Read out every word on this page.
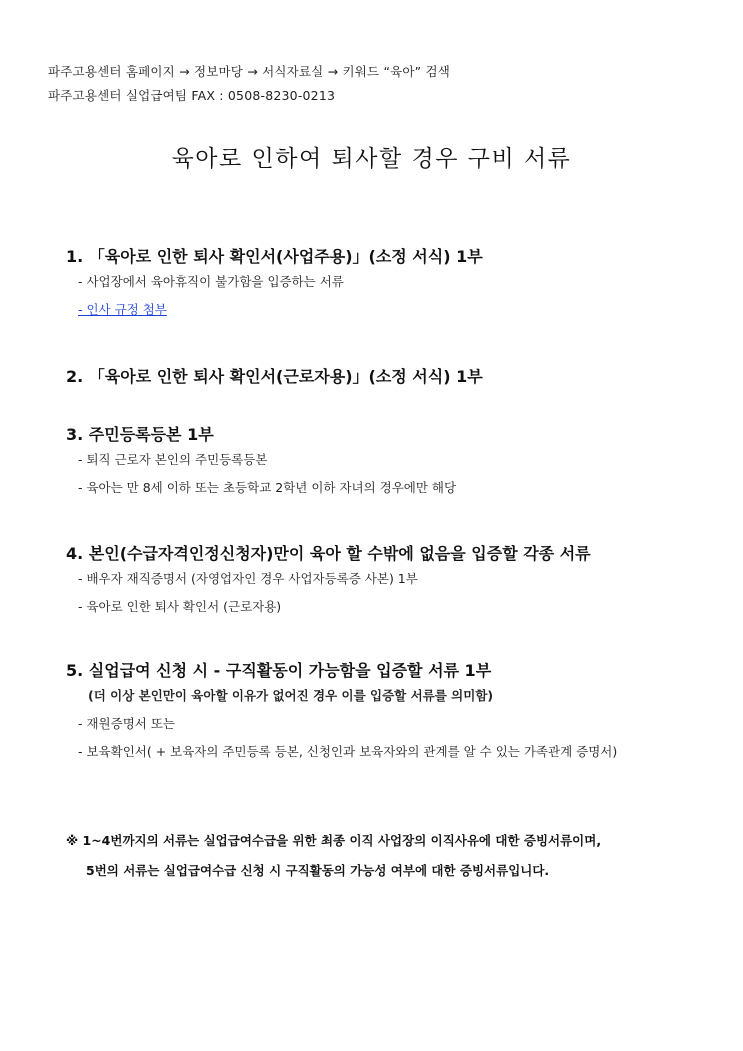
파주고용센터 홈페이지 → 정보마당 → 서식자료실 → 키워드 “육아” 검색
파주고용센터 실업급여팀 FAX : 0508-8230-0213
육아로 인하여 퇴사할 경우 구비 서류
1. 「육아로 인한 퇴사 확인서(사업주용)」(소정 서식) 1부
- 사업장에서 육아휴직이 불가함을 입증하는 서류
- 인사 규정 첨부
2. 「육아로 인한 퇴사 확인서(근로자용)」(소정 서식) 1부
3. 주민등록등본 1부
- 퇴직 근로자 본인의 주민등록등본
- 육아는 만 8세 이하 또는 초등학교 2학년 이하 자녀의 경우에만 해당
4. 본인(수급자격인정신청자)만이 육아 할 수밖에 없음을 입증할 각종 서류
- 배우자 재직증명서 (자영업자인 경우 사업자등록증 사본) 1부
- 육아로 인한 퇴사 확인서 (근로자용)
5. 실업급여 신청 시 - 구직활동이 가능함을 입증할 서류 1부
(더 이상 본인만이 육아할 이유가 없어진 경우 이를 입증할 서류를 의미함)
- 재원증명서 또는
- 보육확인서( + 보육자의 주민등록 등본, 신청인과 보육자와의 관계를 알 수 있는 가족관계 증명서)
※ 1~4번까지의 서류는 실업급여수급을 위한 최종 이직 사업장의 이직사유에 대한 증빙서류이며,
5번의 서류는 실업급여수급 신청 시 구직활동의 가능성 여부에 대한 증빙서류입니다.
